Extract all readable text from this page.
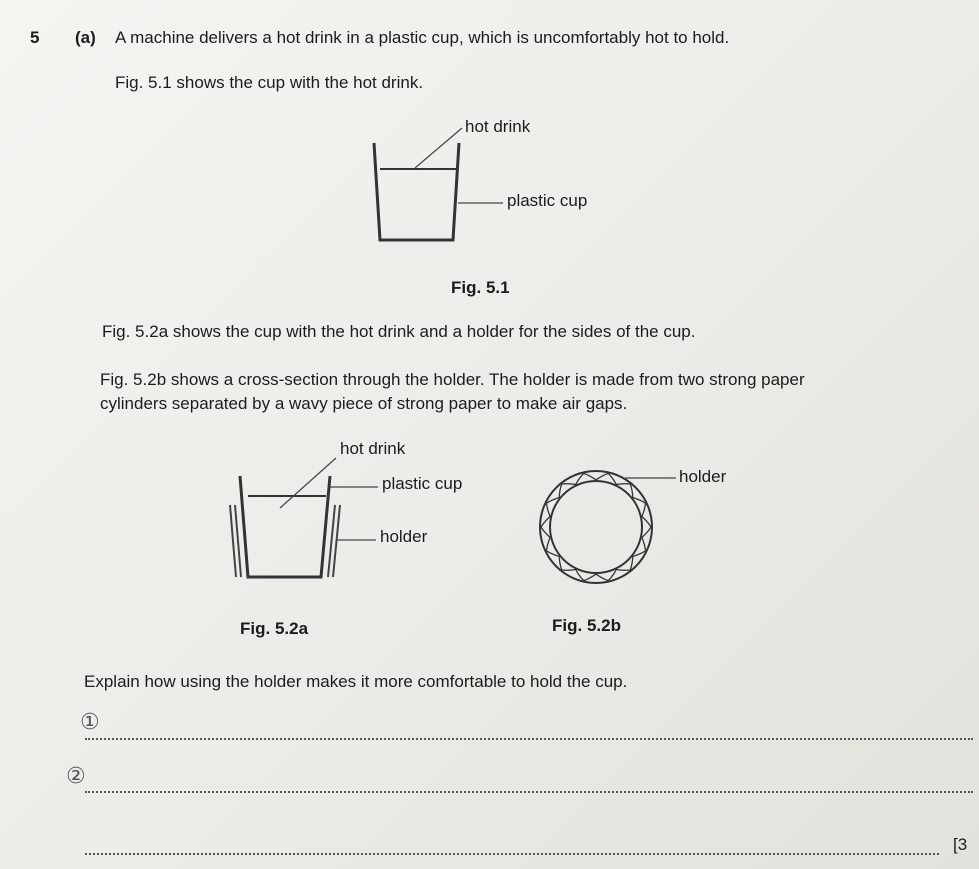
5 (a) A machine delivers a hot drink in a plastic cup, which is uncomfortably hot to hold.
Fig. 5.1 shows the cup with the hot drink.
hot drink
plastic cup
Fig. 5.1
Fig. 5.2a shows the cup with the hot drink and a holder for the sides of the cup.
Fig. 5.2b shows a cross-section through the holder. The holder is made from two strong paper
cylinders separated by a wavy piece of strong paper to make air gaps.
hot drink
plastic cup
holder
holder
Fig. 5.2a	Fig. 5.2b
Explain how using the holder makes it more comfortable to hold the cup.
①
②
[3
